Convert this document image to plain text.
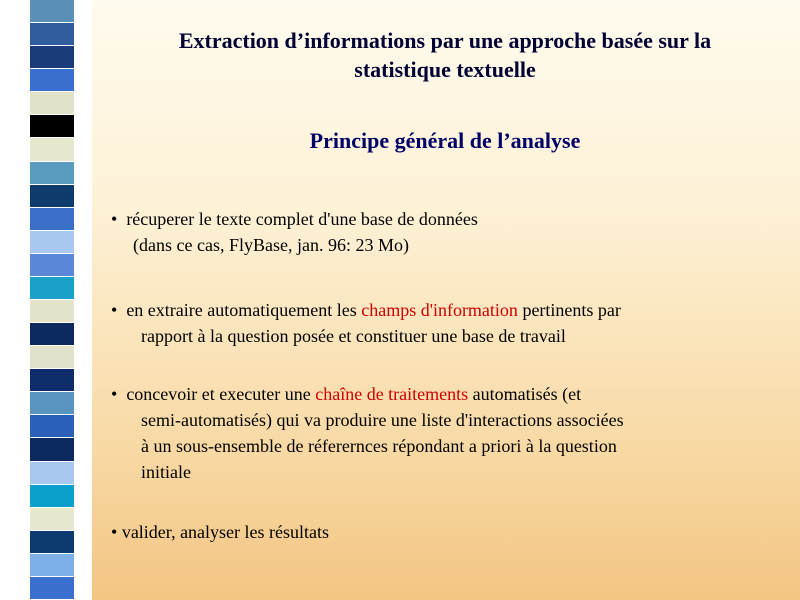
Extraction d’informations par une approche basée sur la
statistique textuelle
Principe général de l’analyse
• récuperer le texte complet d'une base de données
(dans ce cas, FlyBase, jan. 96: 23 Mo)
• en extraire automatiquement les champs d'information pertinents par
rapport à la question posée et constituer une base de travail
• concevoir et executer une chaîne de traitements automatisés (et
semi-automatisés) qui va produire une liste d'interactions associées
à un sous-ensemble de réferernces répondant a priori à la question
initiale
• valider, analyser les résultats
